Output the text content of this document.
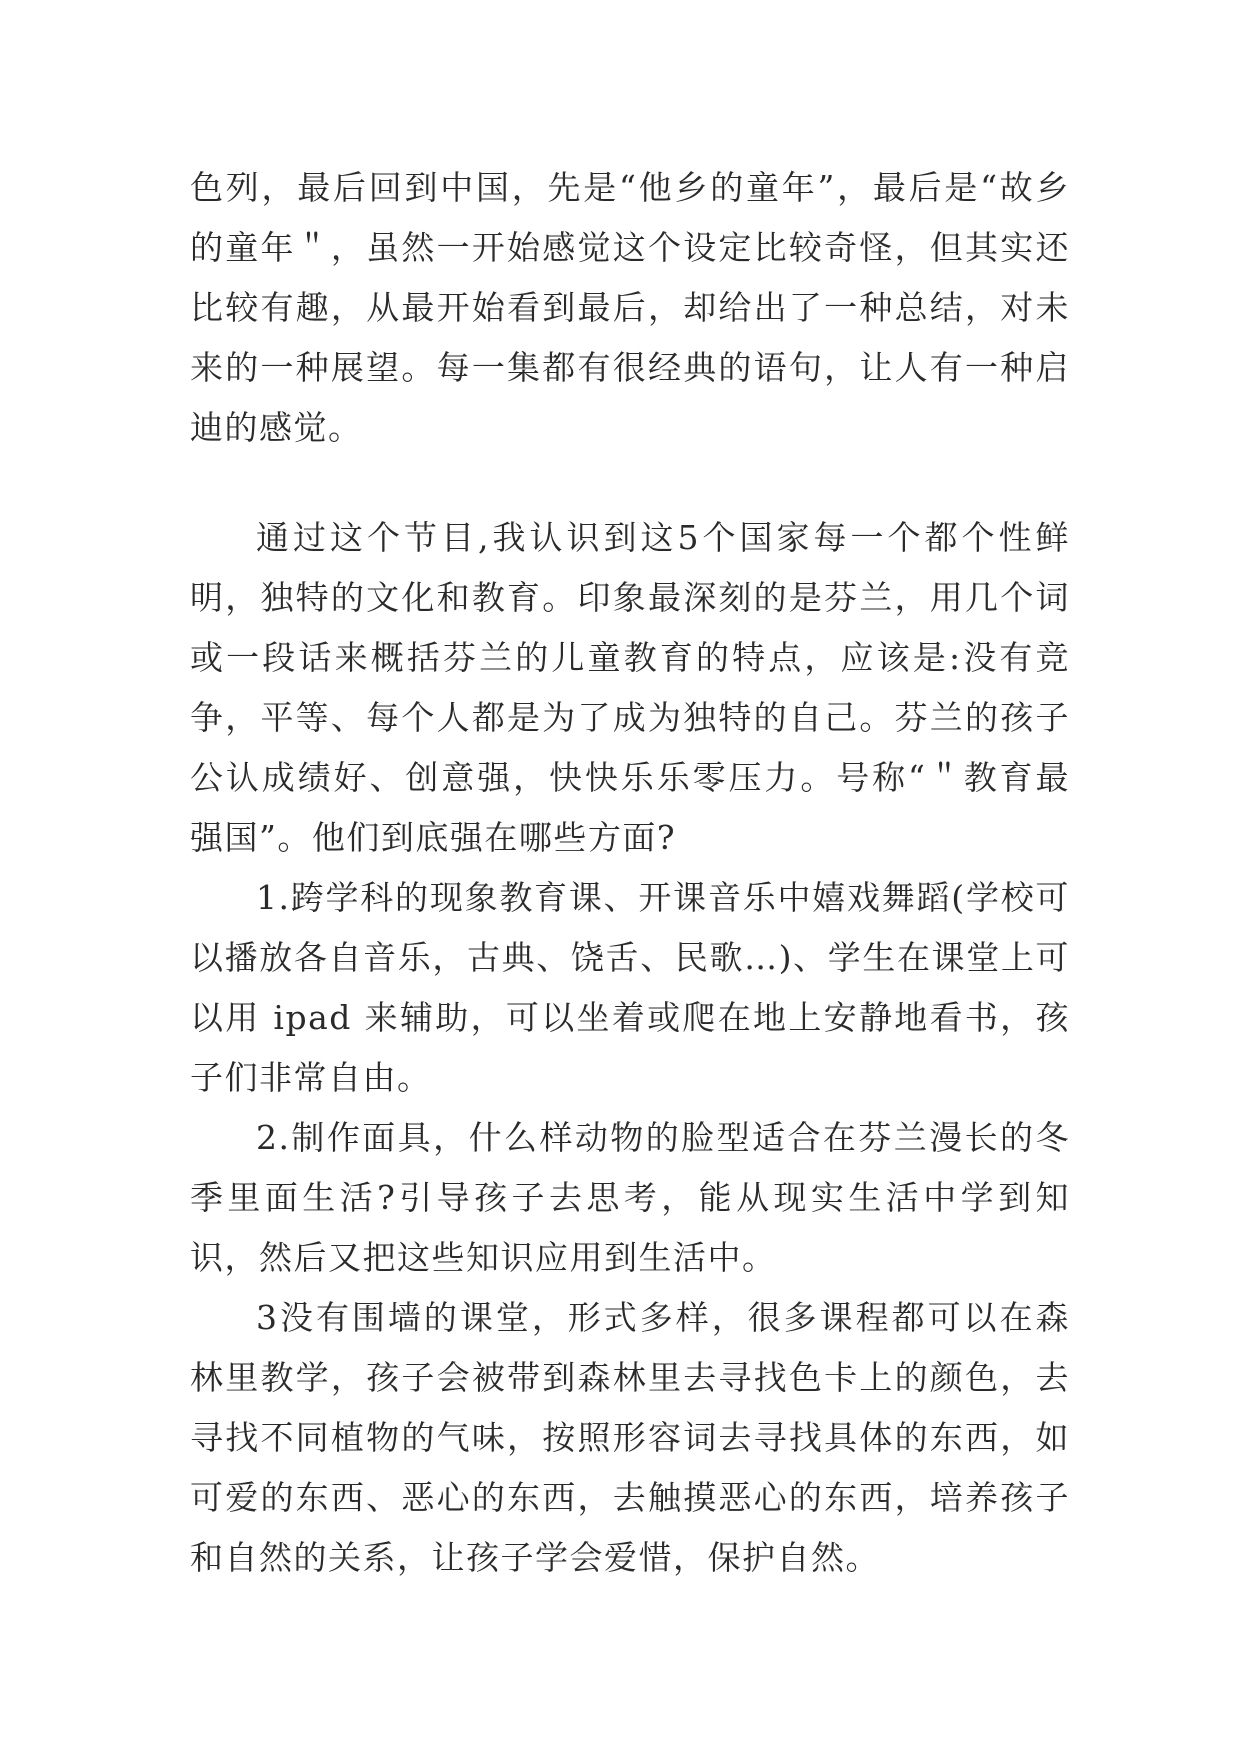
色列，最后回到中国，先是“他乡的童年”，最后是“故乡的童年＂，虽然一开始感觉这个设定比较奇怪，但其实还比较有趣，从最开始看到最后，却给出了一种总结，对未来的一种展望。每一集都有很经典的语句，让人有一种启迪的感觉。

通过这个节目,我认识到这5个国家每一个都个性鲜明，独特的文化和教育。印象最深刻的是芬兰，用几个词或一段话来概括芬兰的儿童教育的特点，应该是:没有竞争，平等、每个人都是为了成为独特的自己。芬兰的孩子公认成绩好、创意强，快快乐乐零压力。号称“＂教育最强国”。他们到底强在哪些方面?

1.跨学科的现象教育课、开课音乐中嬉戏舞蹈(学校可以播放各自音乐，古典、饶舌、民歌…)、学生在课堂上可以用 ipad 来辅助，可以坐着或爬在地上安静地看书，孩子们非常自由。

2.制作面具，什么样动物的脸型适合在芬兰漫长的冬季里面生活?引导孩子去思考，能从现实生活中学到知识，然后又把这些知识应用到生活中。

3没有围墙的课堂，形式多样，很多课程都可以在森林里教学，孩子会被带到森林里去寻找色卡上的颜色，去寻找不同植物的气味，按照形容词去寻找具体的东西，如可爱的东西、恶心的东西，去触摸恶心的东西，培养孩子和自然的关系，让孩子学会爱惜，保护自然。
